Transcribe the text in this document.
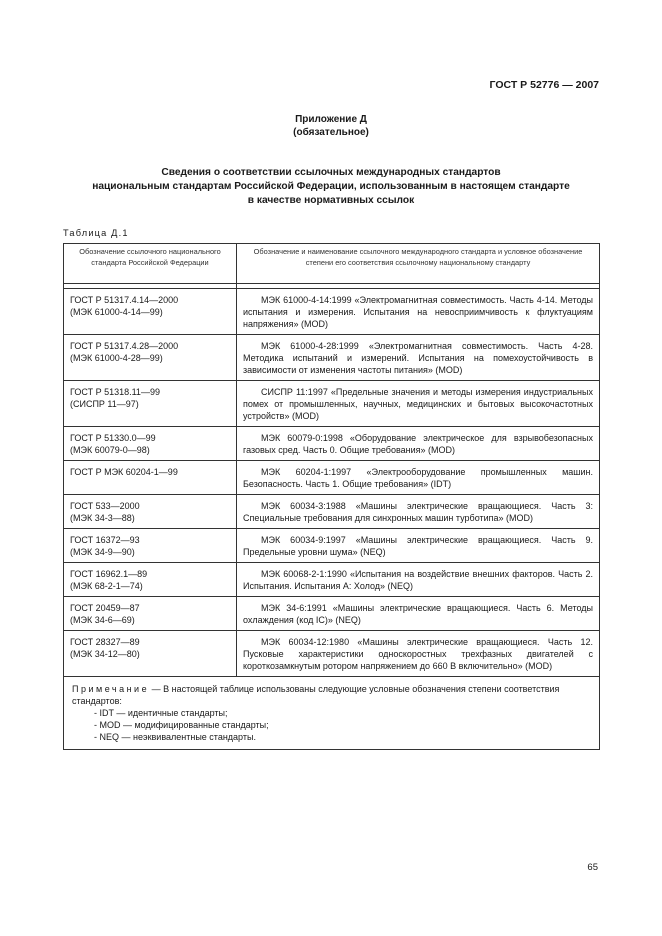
ГОСТ Р 52776 — 2007
Приложение Д
(обязательное)
Сведения о соответствии ссылочных международных стандартов
национальным стандартам Российской Федерации, использованным в настоящем стандарте
в качестве нормативных ссылок
Таблица Д.1
Обозначение ссылочного национального стандарта Российской Федерации	Обозначение и наименование ссылочного международного стандарта и условное обозначение степени его соответствия ссылочному национальному стандарту

ГОСТ Р 51317.4.14—2000
(МЭК 61000-4-14—99)	МЭК 61000-4-14:1999 «Электромагнитная совместимость. Часть 4-14. Методы испытания и измерения. Испытания на невосприимчивость к флуктуациям напряжения» (MOD)
ГОСТ Р 51317.4.28—2000
(МЭК 61000-4-28—99)	МЭК 61000-4-28:1999 «Электромагнитная совместимость. Часть 4-28. Методика испытаний и измерений. Испытания на помехоустойчивость в зависимости от изменения частоты питания» (MOD)
ГОСТ Р 51318.11—99
(СИСПР 11—97)	СИСПР 11:1997 «Предельные значения и методы измерения индустриальных помех от промышленных, научных, медицинских и бытовых высокочастотных устройств» (MOD)
ГОСТ Р 51330.0—99
(МЭК 60079-0—98)	МЭК 60079-0:1998 «Оборудование электрическое для взрывобезопасных газовых сред. Часть 0. Общие требования» (MOD)
ГОСТ Р МЭК 60204-1—99	МЭК 60204-1:1997 «Электрооборудование промышленных машин. Безопасность. Часть 1. Общие требования» (IDT)
ГОСТ 533—2000
(МЭК 34-3—88)	МЭК 60034-3:1988 «Машины электрические вращающиеся. Часть 3: Специальные требования для синхронных машин турботипа» (MOD)
ГОСТ 16372—93
(МЭК 34-9—90)	МЭК 60034-9:1997 «Машины электрические вращающиеся. Часть 9. Предельные уровни шума» (NEQ)
ГОСТ 16962.1—89
(МЭК 68-2-1—74)	МЭК 60068-2-1:1990 «Испытания на воздействие внешних факторов. Часть 2. Испытания. Испытания А: Холод» (NEQ)
ГОСТ 20459—87
(МЭК 34-6—69)	МЭК 34-6:1991 «Машины электрические вращающиеся. Часть 6. Методы охлаждения (код IC)» (NEQ)
ГОСТ 28327—89
(МЭК 34-12—80)	МЭК 60034-12:1980 «Машины электрические вращающиеся. Часть 12. Пусковые характеристики односкоростных трехфазных двигателей с короткозамкнутым ротором напряжением до 660 В включительно» (MOD)

Примечание — В настоящей таблице использованы следующие условные обозначения степени соответствия стандартов:
- IDT — идентичные стандарты;
- MOD — модифицированные стандарты;
- NEQ — неэквивалентные стандарты.	
65
